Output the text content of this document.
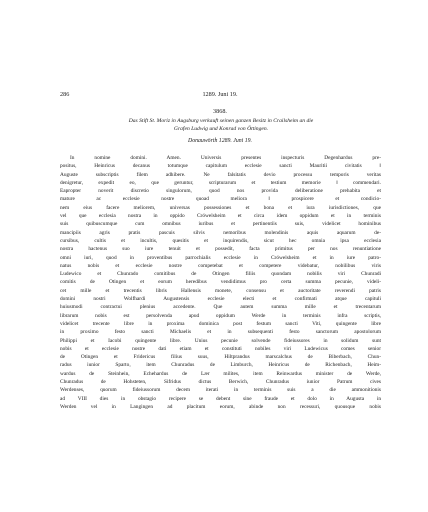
286	1289. Juni 19.
3868.
Das Stift St. Moriz in Augsburg verkauft seinen ganzen Besitz in Crailsheim an die
Grafen Ludwig und Konrad von Öttingen.
Donauwörth 1289. Juni 19.
In nomine domini. Amen. Universis presentes inspecturis Degenhardus pre-
positus, Heinricus decanus totumque capitulum ecclesie sancti Mauritii civitatis ‖
Auguste subscriptis filem adhibere. Ne falsitatis devio processu temporis veritas
denigretur, expedit eo, que geruntur, scripturarum et testium memorie ‖ commendari.
Eapropter noverit discretio singulorum, quod nos provida deliberatione prehabita et
mature ac ecclesie nostre quoad meliora ‖ prospicere et condicio-
nem eius facere meliorem, universas possessiones et bona et iura iurisdictiones, que
vel que ecclesia nostra in oppido Crówelsheim et circa idem oppidum et in terminis
suis quibuscumque cum omnibus iuribus et pertinentiis suis, videlicet hominibus
mancipiis agris pratis pascuis silvis nemoribus molendinis aquis aquarum de-
cursibus, cultis et incultis, quesitis et inquirendis, sicut hec omnia ipsa ecclesia
nostra hactenus suo iure tenuit et possedit, facta primitus per nos renuntiatione
omni iuri, quod in proventibus parrochialis ecclesie in Crówelsheim et in iure patro-
natus nobis et ecclesie nostre competebat et competere videbatur, nobilibus viris
Ludewico et Chunrado comitibus de Otingen filiis quondam nobilis viri Chunradi
comitis de Otingen et eorum heredibus vendidimus pro certa summa pecunie, videli-
cet mille et trecentis libris Hallensis monete, consensu et auctoritate reverendi patris
domini nostri Wolfhardi Augustensis ecclesie electi et confirmati atque capituli
huiusmodi contractui plenius accedente. Que autem summa mille et trecentarum
librarum nobis est persolvenda apud oppidum Werde in terminis infra scriptis,
videlicet trecente libre in proxima dominica post festum sancti Viti, quingente libre
in proximo festo sancti Michaelis et in subsequenti festo sanctorum apostolorum
Philippi et Iacobi quingente libre. Unius pecunie solvende fideiussores in solidum sunt
nobis et ecclesie nostre dati etiam et constituti nobiles viri Ludewicus comes senior
de Otingen et Fridericus filius suus, Hiltprandus marscalchus de Biberbach, Chun-
radus iunior Sparto, item Chunradus de Limburch, Heinricus de Richenbach, Heim-
wardus de Steinhein, Echehardus de Lær milites, item Reinwardus minister de Werde,
Chunradus de Hohsteten, Sifridus dictus Berwich, Chunradus iunior Patrum cives
Werdenses, quorum fideiussorum decem iterati in terminis suis a die ammonitionis
ad VIII dies in obstagio recipere se debent sine fraude et dolo in Augusta in
Werden vel in Langingen ad placitum eorum, abinde non recessuri, quousque nobis
